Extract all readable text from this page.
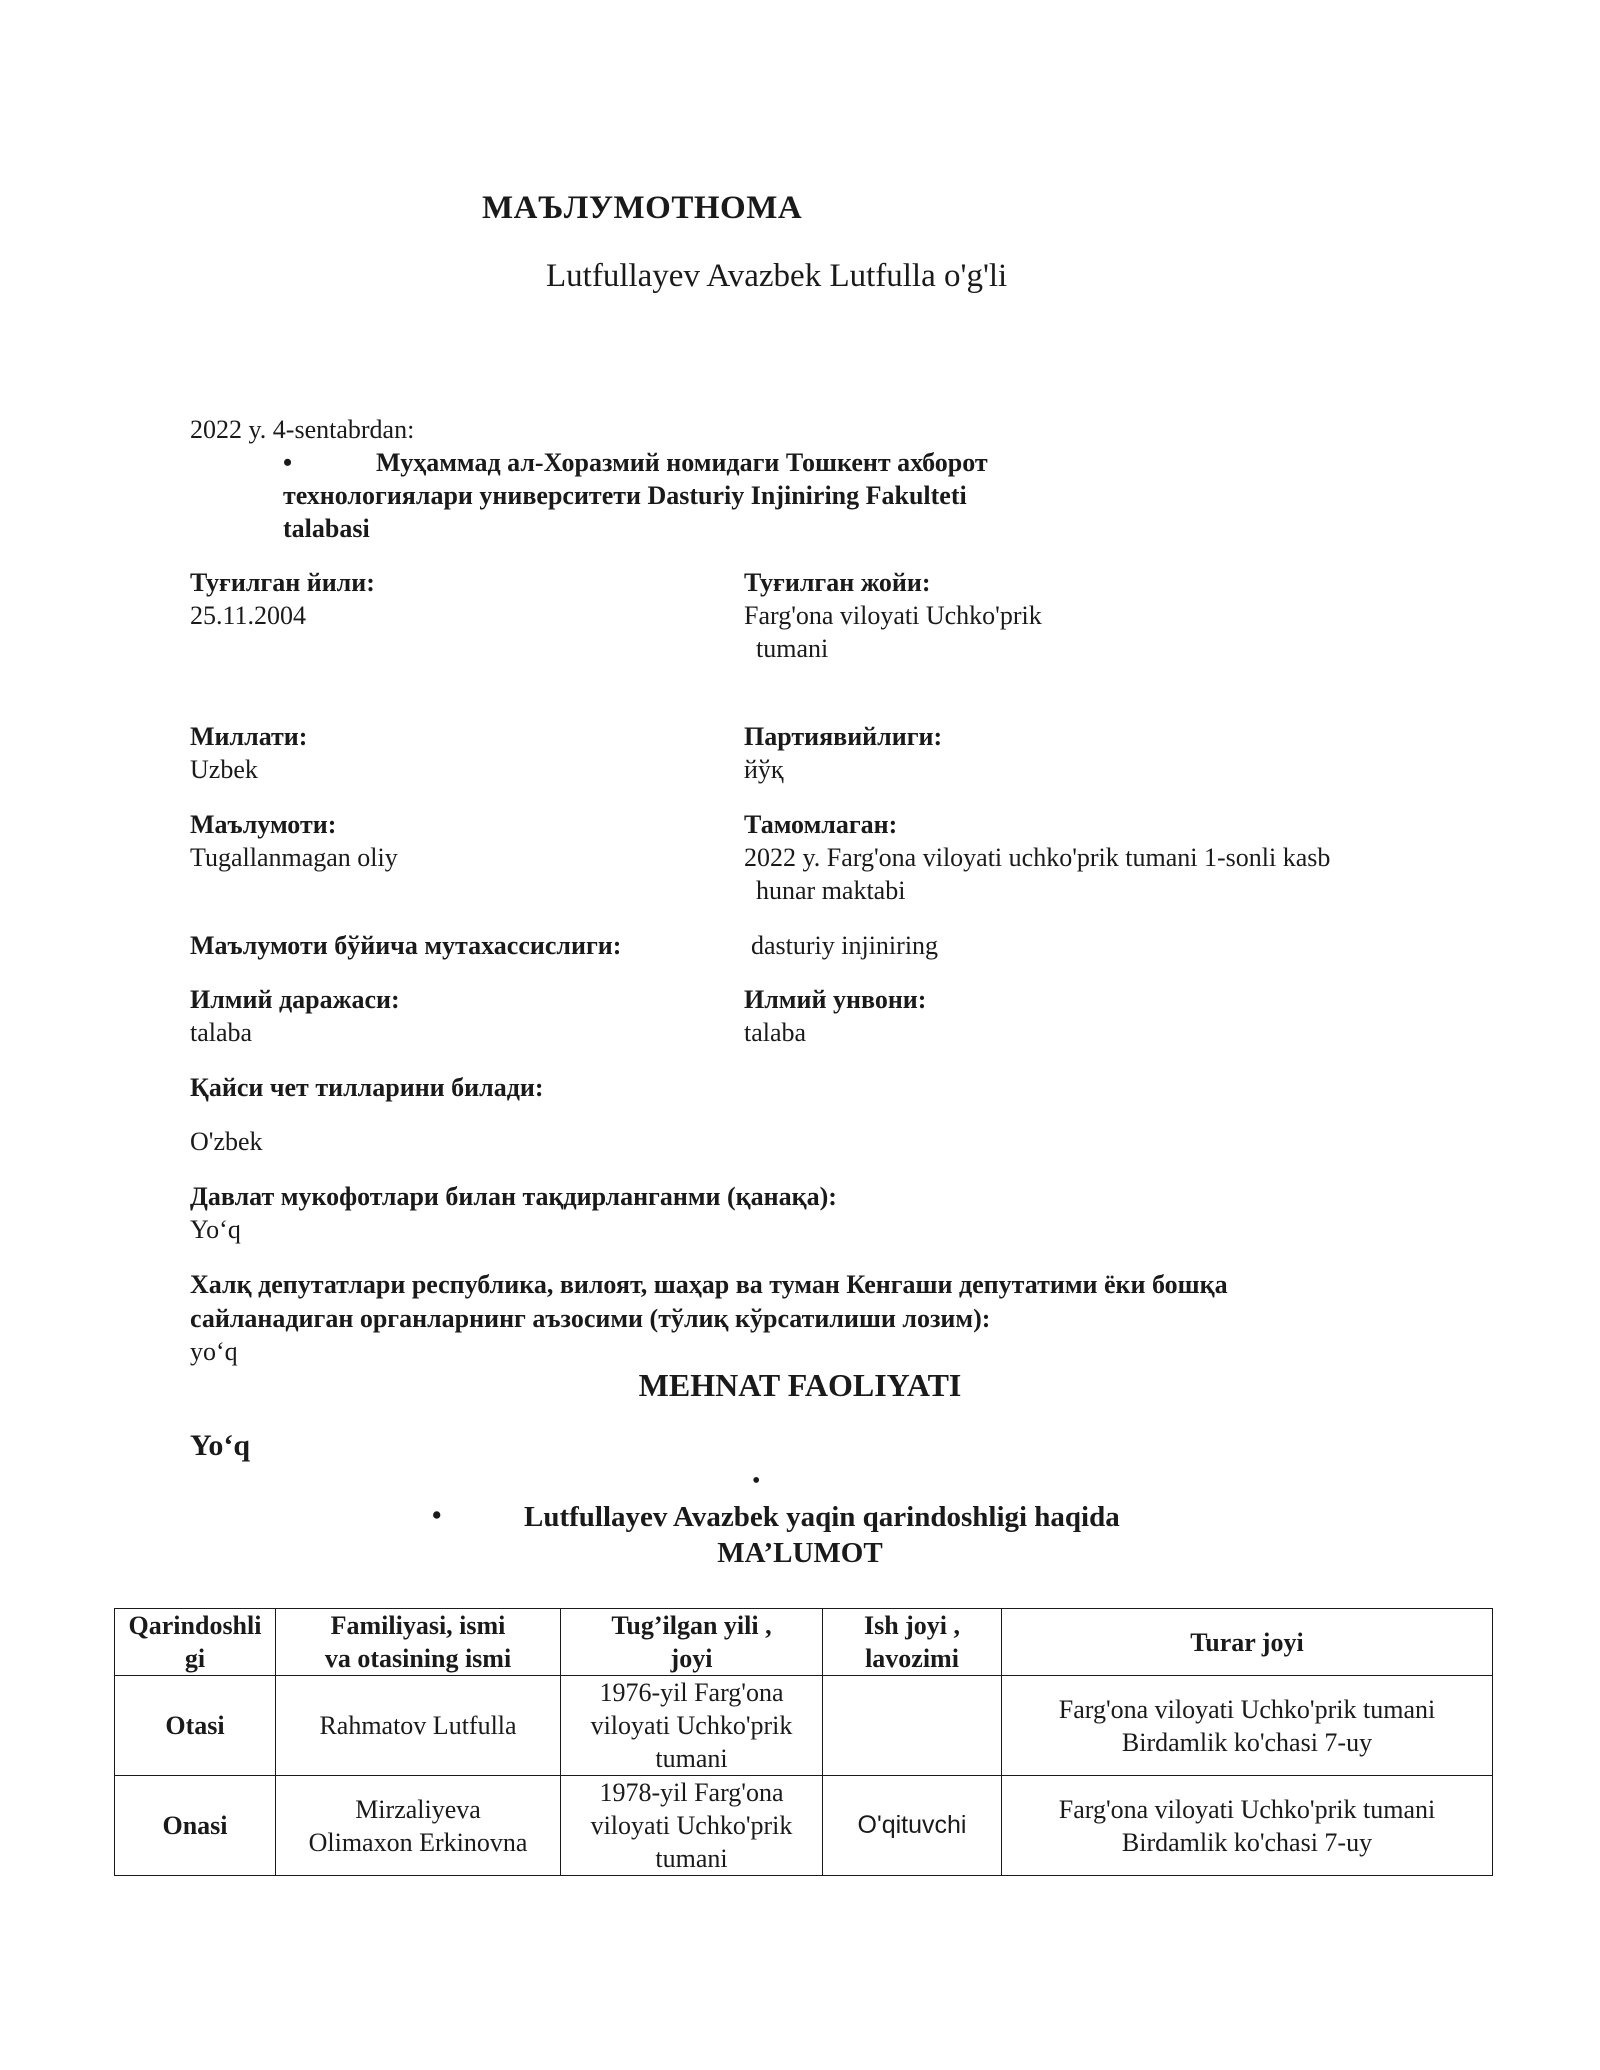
МАЪЛУМОТНОМА
Lutfullayev Avazbek Lutfulla o'g'li
2022 y. 4-sentabrdan:
•	Муҳаммад ал-Хоразмий номидаги Тошкент ахборот
технологиялари университети Dasturiy Injiniring Fakulteti
talabasi
Туғилган йили:
25.11.2004
Туғилган жойи:
Farg'ona viloyati Uchko'prik
tumani
Миллати:
Uzbek
Партиявийлиги:
йўқ
Маълумоти:
Tugallanmagan oliy
Тамомлаган:
2022 y. Farg'ona viloyati uchko'prik tumani 1-sonli kasb
hunar maktabi
Маълумоти бўйича мутахассислиги:	dasturiy injiniring
Илмий даражаси:
talaba
Илмий унвони:
talaba
Қайси чет тилларини билади:
O'zbek
Давлат мукофотлари билан тақдирланганми (қанақа):
Yo‘q
Халқ депутатлари республика, вилоят, шаҳар ва туман Кенгаши депутатими ёки бошқа
сайланадиган органларнинг аъзосими (тўлиқ кўрсатилиши лозим):
yo‘q
MEHNAT FAOLIYATI
Yo‘q
•
•	Lutfullayev Avazbek yaqin qarindoshligi haqida
MA’LUMOT
Qarindoshli
gi	Familiyasi, ismi
va otasining ismi	Tug’ilgan yili ,
joyi	Ish joyi ,
lavozimi	Turar joyi
Otasi	Rahmatov Lutfulla	1976-yil Farg'ona
viloyati Uchko'prik
tumani		Farg'ona viloyati Uchko'prik tumani
Birdamlik ko'chasi 7-uy
Onasi	Mirzaliyeva
Olimaxon Erkinovna	1978-yil Farg'ona
viloyati Uchko'prik
tumani	O'qituvchi	Farg'ona viloyati Uchko'prik tumani
Birdamlik ko'chasi 7-uy
